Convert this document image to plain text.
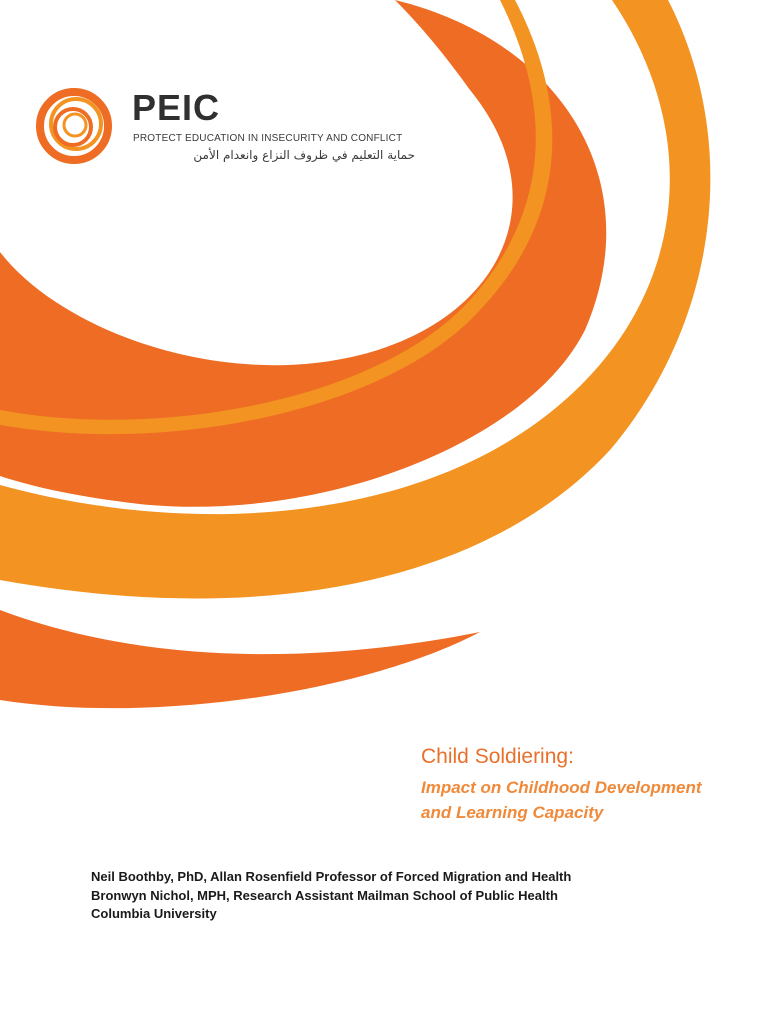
PEIC
PROTECT EDUCATION IN INSECURITY AND CONFLICT
حماية التعليم في ظروف النزاع وانعدام الأمن
Child Soldiering:
Impact on Childhood Development
and Learning Capacity
Neil Boothby, PhD, Allan Rosenfield Professor of Forced Migration and Health
Bronwyn Nichol, MPH, Research Assistant Mailman School of Public Health
Columbia University
